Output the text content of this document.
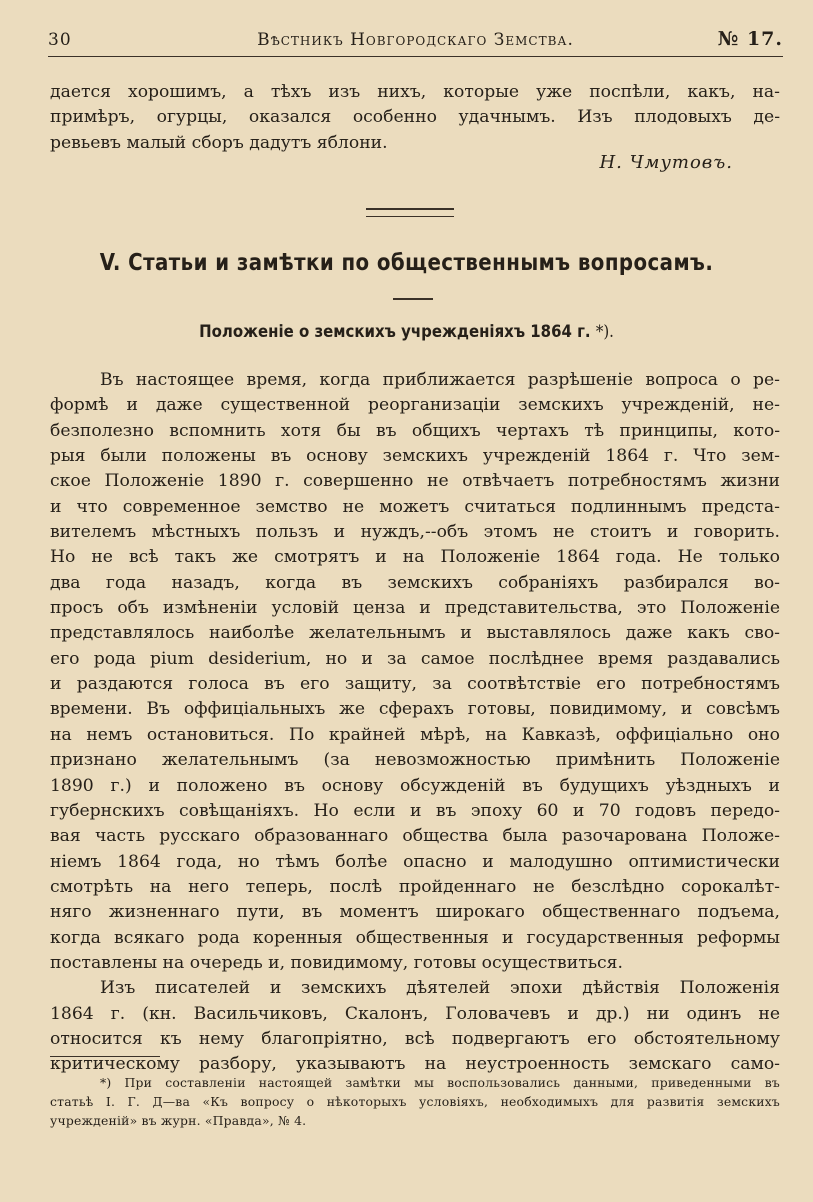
30	Вѣстникъ Новгородскаго Земства.	№ 17.
дается хорошимъ, а тѣхъ изъ нихъ, которые уже поспѣли, какъ, на-
примѣръ, огурцы, оказался особенно удачнымъ. Изъ плодовыхъ де-
ревьевъ малый сборъ дадутъ яблони.
Н. Чмутовъ.
V. Статьи и замѣтки по общественнымъ вопросамъ.
Положеніе о земскихъ учрежденіяхъ 1864 г. *).
Въ настоящее время, когда приближается разрѣшеніе вопроса о ре-
формѣ и даже существенной реорганизаціи земскихъ учрежденій, не-
безполезно вспомнить хотя бы въ общихъ чертахъ тѣ принципы, кото-
рыя были положены въ основу земскихъ учрежденій 1864 г. Что зем-
ское Положеніе 1890 г. совершенно не отвѣчаетъ потребностямъ жизни
и что современное земство не можетъ считаться подлиннымъ предста-
вителемъ мѣстныхъ пользъ и нуждъ,--объ этомъ не стоитъ и говорить.
Но не всѣ такъ же смотрятъ и на Положеніе 1864 года. Не только
два года назадъ, когда въ земскихъ собраніяхъ разбирался во-
просъ объ измѣненіи условій ценза и представительства, это Положеніе
представлялось наиболѣе желательнымъ и выставлялось даже какъ сво-
его рода pium desiderium, но и за самое послѣднее время раздавались
и раздаются голоса въ его защиту, за соотвѣтствіе его потребностямъ
времени. Въ оффиціальныхъ же сферахъ готовы, повидимому, и совсѣмъ
на немъ остановиться. По крайней мѣрѣ, на Кавказѣ, оффиціально оно
признано желательнымъ (за невозможностью примѣнить Положеніе
1890 г.) и положено въ основу обсужденій въ будущихъ уѣздныхъ и
губернскихъ совѣщаніяхъ. Но если и въ эпоху 60 и 70 годовъ передо-
вая часть русскаго образованнаго общества была разочарована Положе-
ніемъ 1864 года, но тѣмъ болѣе опасно и малодушно оптимистически
смотрѣть на него теперь, послѣ пройденнаго не безслѣдно сорокалѣт-
няго жизненнаго пути, въ моментъ широкаго общественнаго подъема,
когда всякаго рода коренныя общественныя и государственныя реформы
поставлены на очередь и, повидимому, готовы осуществиться.
Изъ писателей и земскихъ дѣятелей эпохи дѣйствія Положенія
1864 г. (кн. Васильчиковъ, Скалонъ, Головачевъ и др.) ни одинъ не
относится къ нему благопріятно, всѣ подвергаютъ его обстоятельному
критическому разбору, указываютъ на неустроенность земскаго само-
*) При составленіи настоящей замѣтки мы воспользовались данными, приведенными въ
статьѣ І. Г. Д—ва «Къ вопросу о нѣкоторыхъ условіяхъ, необходимыхъ для развитія земскихъ
учрежденій» въ журн. «Правда», № 4.
